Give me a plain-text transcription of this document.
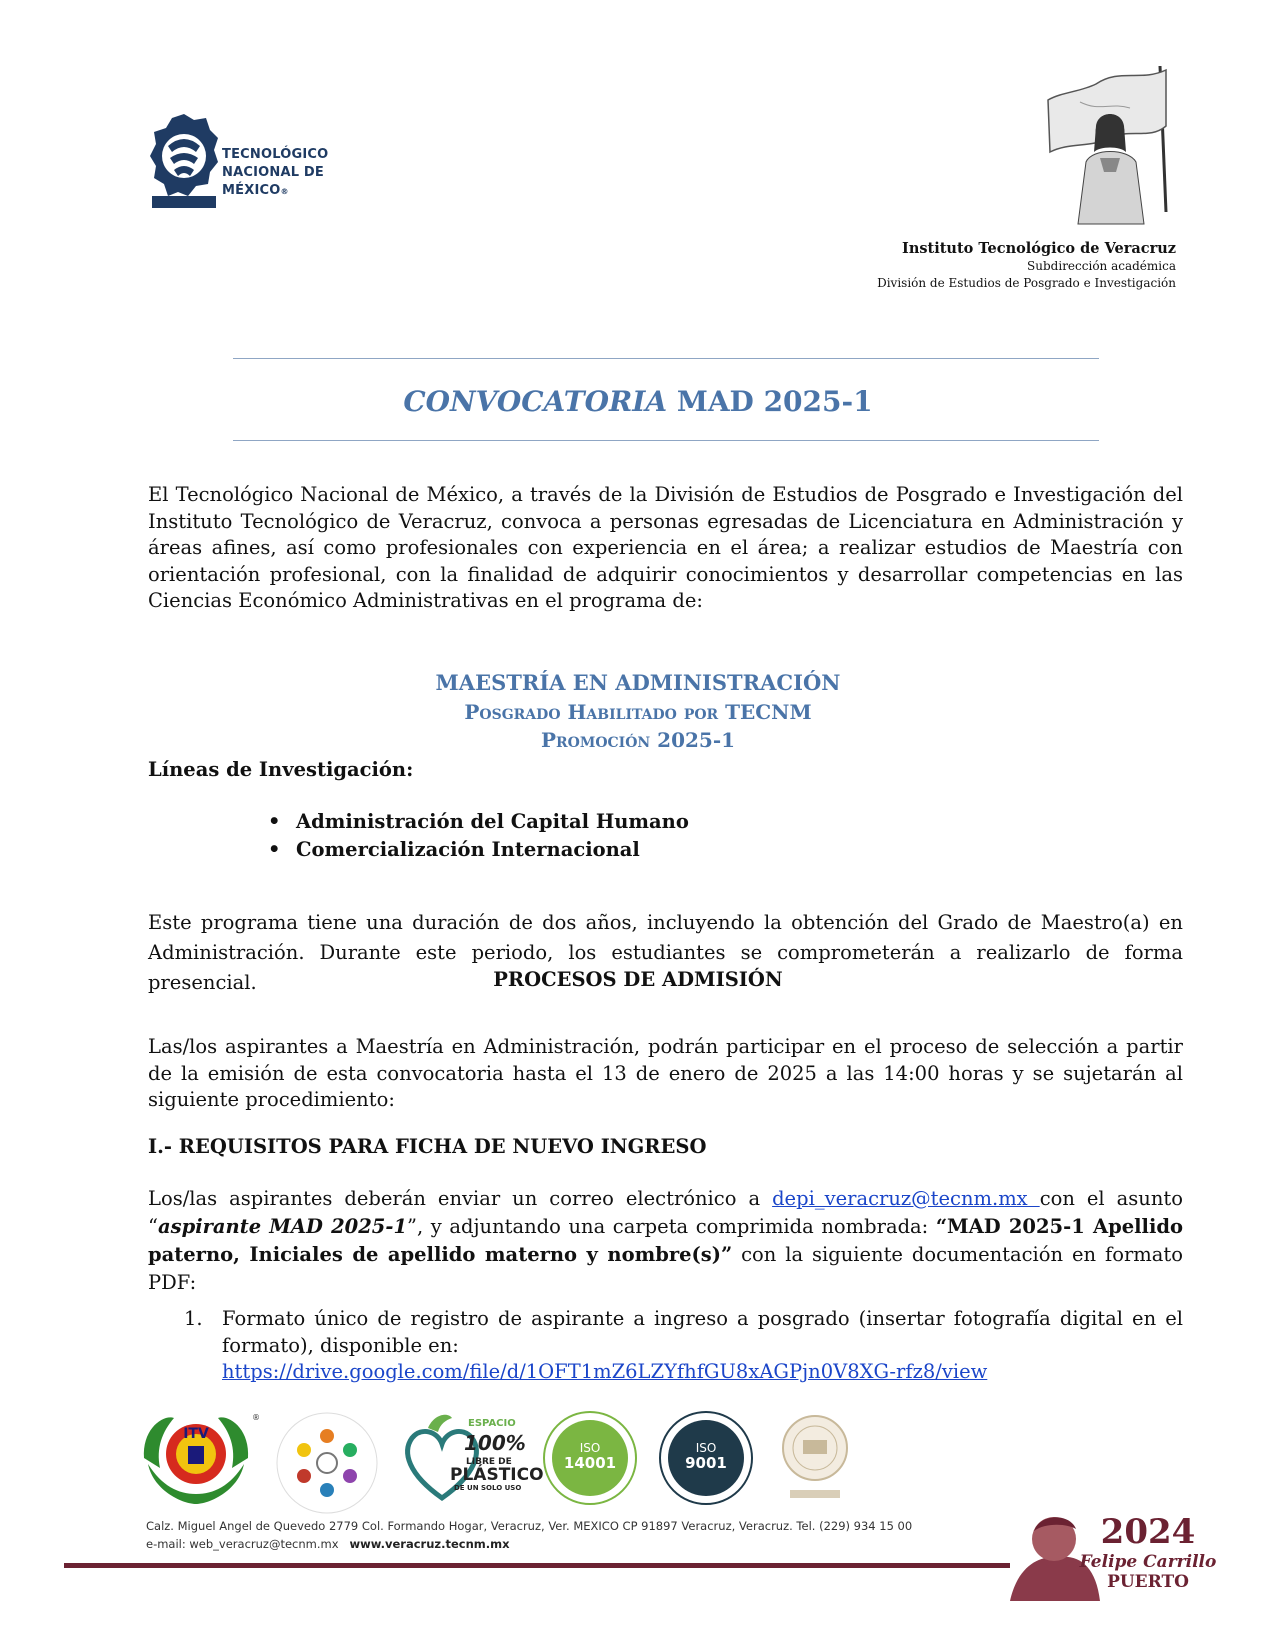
TECNOLÓGICO
NACIONAL DE MÉXICO®
Instituto Tecnológico de Veracruz
Subdirección académica
División de Estudios de Posgrado e Investigación
CONVOCATORIA MAD 2025-1
El Tecnológico Nacional de México, a través de la División de Estudios de Posgrado e Investigación del Instituto Tecnológico de Veracruz, convoca a personas egresadas de Licenciatura en Administración y áreas afines, así como profesionales con experiencia en el área; a realizar estudios de Maestría con orientación profesional, con la finalidad de adquirir conocimientos y desarrollar competencias en las Ciencias Económico Administrativas en el programa de:
MAESTRÍA EN ADMINISTRACIÓN
Posgrado Habilitado por TECNM
Promoción 2025-1
Líneas de Investigación:
• Administración del Capital Humano
• Comercialización Internacional
Este programa tiene una duración de dos años, incluyendo la obtención del Grado de Maestro(a) en Administración. Durante este periodo, los estudiantes se comprometerán a realizarlo de forma presencial.	PROCESOS DE ADMISIÓN
Las/los aspirantes a Maestría en Administración, podrán participar en el proceso de selección a partir de la emisión de esta convocatoria hasta el 13 de enero de 2025 a las 14:00 horas y se sujetarán al siguiente procedimiento:
I.- REQUISITOS PARA FICHA DE NUEVO INGRESO
Los/las aspirantes deberán enviar un correo electrónico a depi_veracruz@tecnm.mx con el asunto “aspirante MAD 2025-1”, y adjuntando una carpeta comprimida nombrada: “MAD 2025-1 Apellido paterno, Iniciales de apellido materno y nombre(s)” con la siguiente documentación en formato PDF:
1. Formato único de registro de aspirante a ingreso a posgrado (insertar fotografía digital en el formato), disponible en:
https://drive.google.com/file/d/1OFT1mZ6LZYfhfGU8xAGPjn0V8XG-rfz8/view
ITV
®
ESPACIO
100%
LIBRE DE
PLÁSTICO
DE UN SOLO USO
ISO
14001
ISO
9001
Calz. Miguel Angel de Quevedo 2779 Col. Formando Hogar, Veracruz, Ver. MEXICO CP 91897 Veracruz, Veracruz. Tel. (229) 934 15 00
e-mail: web_veracruz@tecnm.mx www.veracruz.tecnm.mx	2024
Felipe Carrillo
PUERTO
